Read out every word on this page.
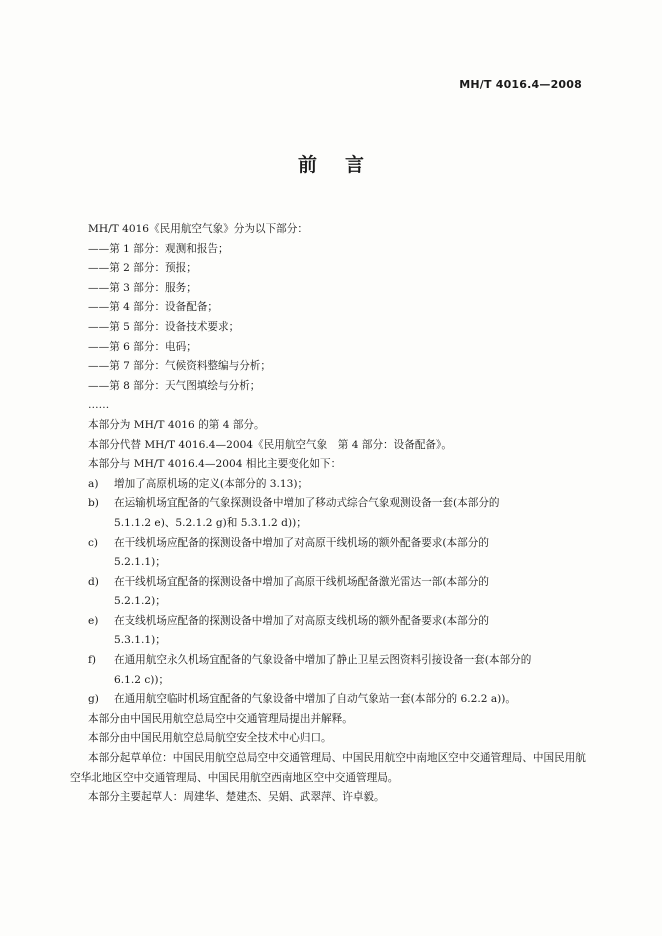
MH/T 4016.4—2008
前言

MH/T 4016《民用航空气象》分为以下部分：

——第 1 部分：观测和报告；

——第 2 部分：预报；

——第 3 部分：服务；

——第 4 部分：设备配备；

——第 5 部分：设备技术要求；

——第 6 部分：电码；

——第 7 部分：气候资料整编与分析；

——第 8 部分：天气图填绘与分析；

……

本部分为 MH/T 4016 的第 4 部分。

本部分代替 MH/T 4016.4—2004《民用航空气象　第 4 部分：设备配备》。

本部分与 MH/T 4016.4—2004 相比主要变化如下：

a)	增加了高原机场的定义(本部分的 3.13)；
b)	在运输机场宜配备的气象探测设备中增加了移动式综合气象观测设备一套(本部分的

5.1.1.2 e)、5.2.1.2 g)和 5.3.1.2 d))；

c)	在干线机场应配备的探测设备中增加了对高原干线机场的额外配备要求(本部分的

5.2.1.1)；

d)	在干线机场宜配备的探测设备中增加了高原干线机场配备激光雷达一部(本部分的

5.2.1.2)；

e)	在支线机场应配备的探测设备中增加了对高原支线机场的额外配备要求(本部分的

5.3.1.1)；

f)	在通用航空永久机场宜配备的气象设备中增加了静止卫星云图资料引接设备一套(本部分的

6.1.2 c))；

g)	在通用航空临时机场宜配备的气象设备中增加了自动气象站一套(本部分的 6.2.2 a))。

本部分由中国民用航空总局空中交通管理局提出并解释。

本部分由中国民用航空总局航空安全技术中心归口。

本部分起草单位：中国民用航空总局空中交通管理局、中国民用航空中南地区空中交通管理局、中国民用航空华北地区空中交通管理局、中国民用航空西南地区空中交通管理局。

本部分主要起草人：周建华、楚建杰、吴娟、武翠萍、许卓毅。
